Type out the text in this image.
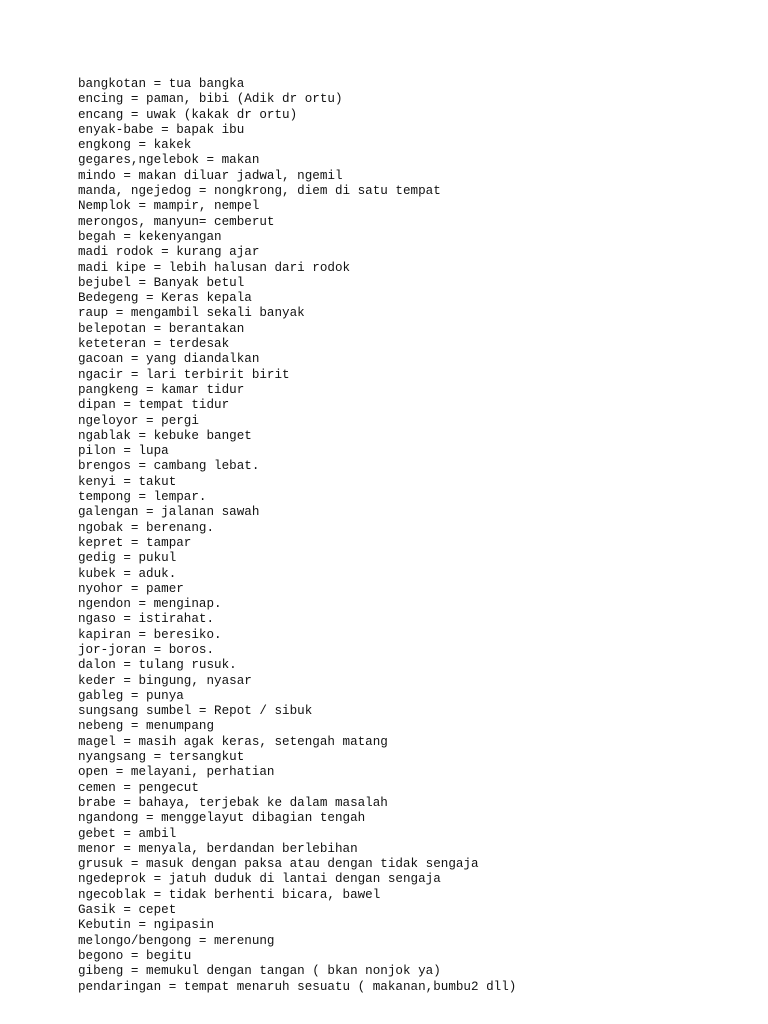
bangkotan = tua bangka
encing = paman, bibi (Adik dr ortu)
encang = uwak (kakak dr ortu)
enyak-babe = bapak ibu
engkong = kakek
gegares,ngelebok = makan
mindo = makan diluar jadwal, ngemil
manda, ngejedog = nongkrong, diem di satu tempat
Nemplok = mampir, nempel
merongos, manyun= cemberut
begah = kekenyangan
madi rodok = kurang ajar
madi kipe = lebih halusan dari rodok
bejubel = Banyak betul
Bedegeng = Keras kepala
raup = mengambil sekali banyak
belepotan = berantakan
keteteran = terdesak
gacoan = yang diandalkan
ngacir = lari terbirit birit
pangkeng = kamar tidur
dipan = tempat tidur
ngeloyor = pergi
ngablak = kebuke banget
pilon = lupa
brengos = cambang lebat.
kenyi = takut
tempong = lempar.
galengan = jalanan sawah
ngobak = berenang.
kepret = tampar
gedig = pukul
kubek = aduk.
nyohor = pamer
ngendon = menginap.
ngaso = istirahat.
kapiran = beresiko.
jor-joran = boros.
dalon = tulang rusuk.
keder = bingung, nyasar
gableg = punya
sungsang sumbel = Repot / sibuk
nebeng = menumpang
magel = masih agak keras, setengah matang
nyangsang = tersangkut
open = melayani, perhatian
cemen = pengecut
brabe = bahaya, terjebak ke dalam masalah
ngandong = menggelayut dibagian tengah
gebet = ambil
menor = menyala, berdandan berlebihan
grusuk = masuk dengan paksa atau dengan tidak sengaja
ngedeprok = jatuh duduk di lantai dengan sengaja
ngecoblak = tidak berhenti bicara, bawel
Gasik = cepet
Kebutin = ngipasin
melongo/bengong = merenung
begono = begitu
gibeng = memukul dengan tangan ( bkan nonjok ya)
pendaringan = tempat menaruh sesuatu ( makanan,bumbu2 dll)
